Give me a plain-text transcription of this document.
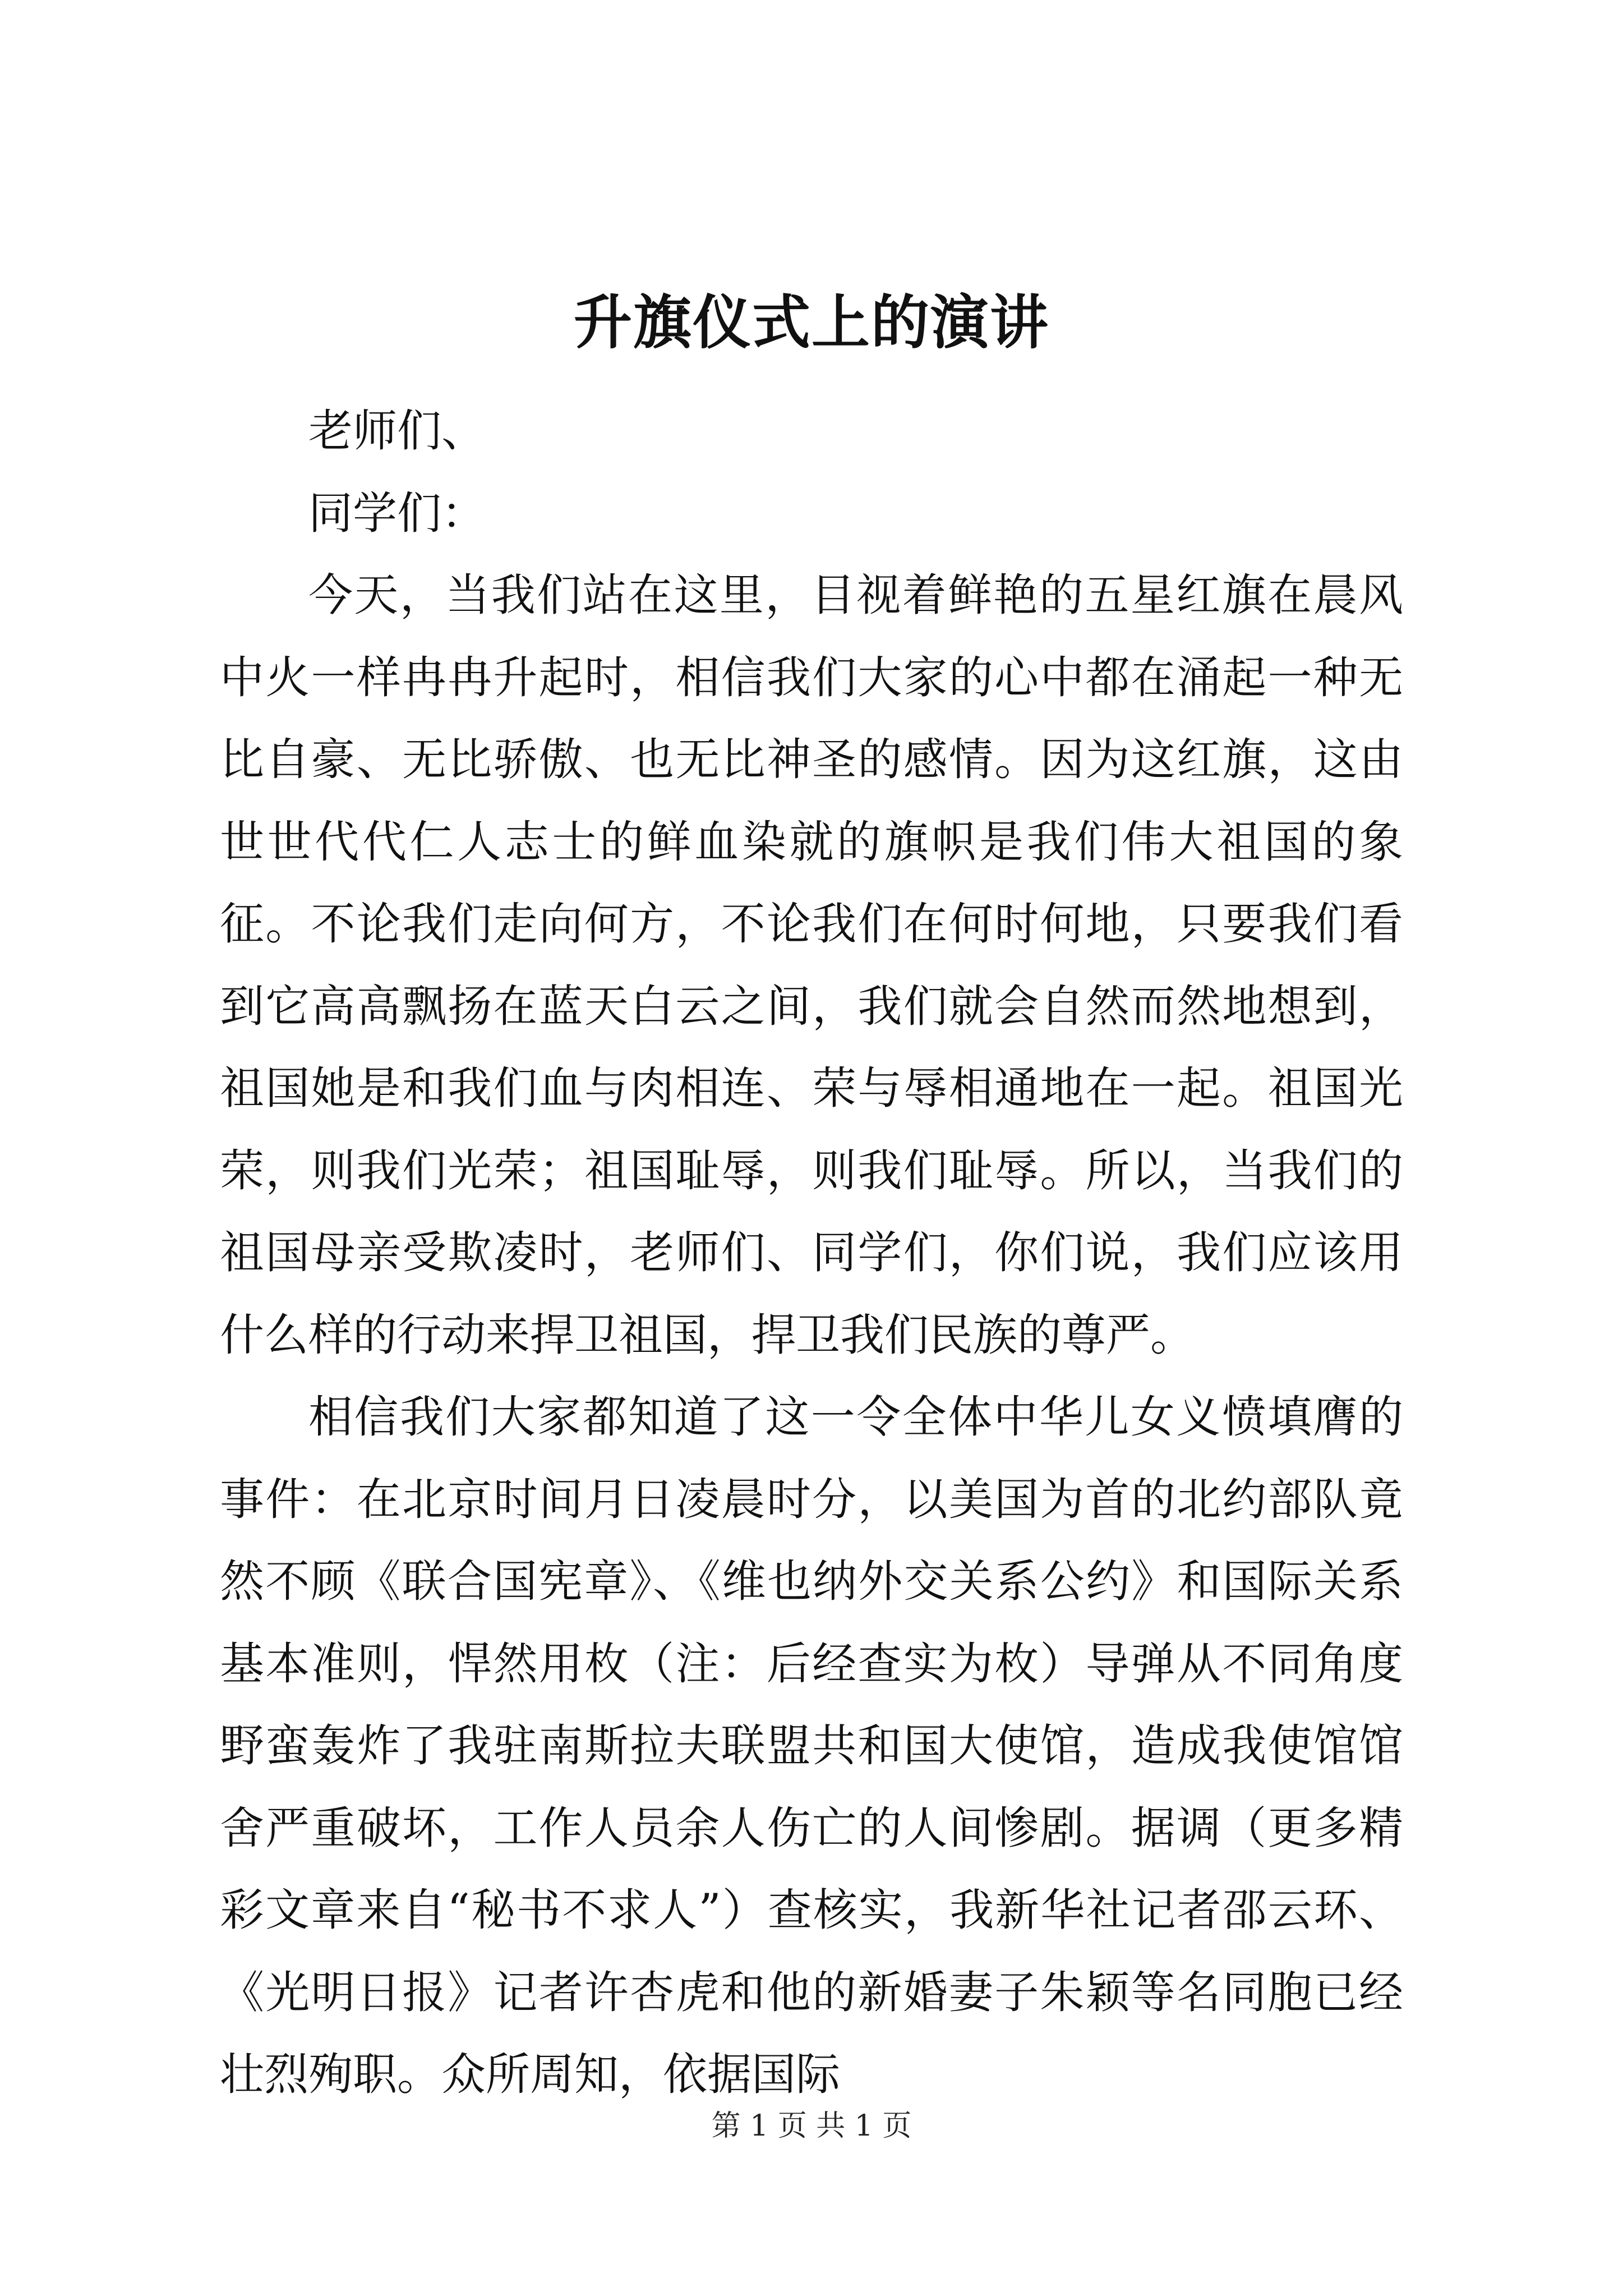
升旗仪式上的演讲

老师们、

同学们：

今天，当我们站在这里，目视着鲜艳的五星红旗在晨风中火一样冉冉升起时，相信我们大家的心中都在涌起一种无比自豪、无比骄傲、也无比神圣的感情。因为这红旗，这由世世代代仁人志士的鲜血染就的旗帜是我们伟大祖国的象征。不论我们走向何方，不论我们在何时何地，只要我们看到它高高飘扬在蓝天白云之间，我们就会自然而然地想到，祖国她是和我们血与肉相连、荣与辱相通地在一起。祖国光荣，则我们光荣；祖国耻辱，则我们耻辱。所以，当我们的祖国母亲受欺凌时，老师们、同学们，你们说，我们应该用什么样的行动来捍卫祖国，捍卫我们民族的尊严。

相信我们大家都知道了这一令全体中华儿女义愤填膺的事件：在北京时间月日凌晨时分，以美国为首的北约部队竟然不顾《联合国宪章》、《维也纳外交关系公约》和国际关系基本准则，悍然用枚（注：后经查实为枚）导弹从不同角度野蛮轰炸了我驻南斯拉夫联盟共和国大使馆，造成我使馆馆舍严重破坏，工作人员余人伤亡的人间惨剧。据调（更多精彩文章来自“秘书不求人”）查核实，我新华社记者邵云环、《光明日报》记者许杏虎和他的新婚妻子朱颖等名同胞已经壮烈殉职。众所周知，依据国际

第 1 页 共 1 页
